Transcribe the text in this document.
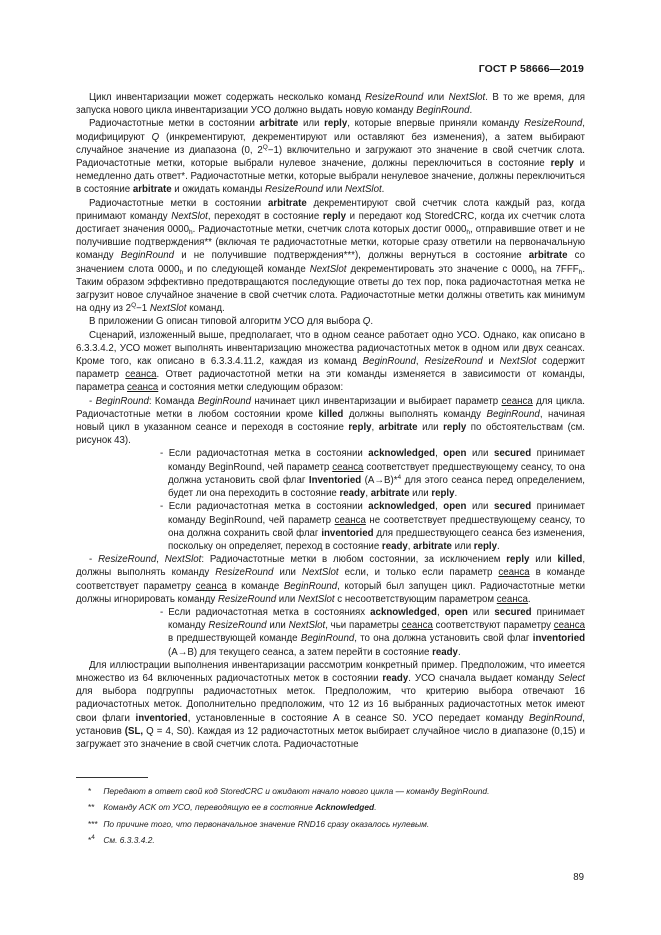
ГОСТ Р 58666—2019

Цикл инвентаризации может содержать несколько команд ResizeRound или NextSlot. В то же время, для запуска нового цикла инвентаризации УСО должно выдать новую команду BeginRound.

Радиочастотные метки в состоянии arbitrate или reply, которые впервые приняли команду ResizeRound, модифицируют Q (инкрементируют, декрементируют или оставляют без изменения), а затем выбирают случайное значение из диапазона (0, $2^Q-1$) включительно и загружают это значение в свой счетчик слота. Радиочастотные метки, которые выбрали нулевое значение, должны переключиться в состояние reply и немедленно дать ответ*. Радиочастотные метки, которые выбрали ненулевое значение, должны переключиться в состояние arbitrate и ожидать команды ResizeRound или NextSlot.

Радиочастотные метки в состоянии arbitrate декрементируют свой счетчик слота каждый раз, когда принимают команду NextSlot, переходят в состояние reply и передают код StoredCRC, когда их счетчик слота достигает значения $0000_h$. Радиочастотные метки, счетчик слота которых достиг $0000_h$, отправившие ответ и не получившие подтверждения** (включая те радиочастотные метки, которые сразу ответили на первоначальную команду BeginRound и не получившие подтверждения***), должны вернуться в состояние arbitrate со значением слота $0000_h$ и по следующей команде NextSlot декрементировать это значение с $0000_h$ на $7FFF_h$. Таким образом эффективно предотвращаются последующие ответы до тех пор, пока радиочастотная метка не загрузит новое случайное значение в свой счетчик слота. Радиочастотные метки должны ответить как минимум на одну из $2^Q-1$ NextSlot команд.

В приложении G описан типовой алгоритм УСО для выбора Q.

Сценарий, изложенный выше, предполагает, что в одном сеансе работает одно УСО. Однако, как описано в 6.3.3.4.2, УСО может выполнять инвентаризацию множества радиочастотных меток в одном или двух сеансах. Кроме того, как описано в 6.3.3.4.11.2, каждая из команд BeginRound, ResizeRound и NextSlot содержит параметр сеанса. Ответ радиочастотной метки на эти команды изменяется в зависимости от команды, параметра сеанса и состояния метки следующим образом:

- BeginRound: Команда BeginRound начинает цикл инвентаризации и выбирает параметр сеанса для цикла. Радиочастотные метки в любом состоянии кроме killed должны выполнять команду BeginRound, начиная новый цикл в указанном сеансе и переходя в состояние reply, arbitrate или reply по обстоятельствам (см. рисунок 43).

- Если радиочастотная метка в состоянии acknowledged, open или secured принимает команду BeginRound, чей параметр сеанса соответствует предшествующему сеансу, то она должна установить свой флаг Inventoried (A→B)*$^4$ для этого сеанса перед определением, будет ли она переходить в состояние ready, arbitrate или reply.

- Если радиочастотная метка в состоянии acknowledged, open или secured принимает команду BeginRound, чей параметр сеанса не соответствует предшествующему сеансу, то она должна сохранить свой флаг inventoried для предшествующего сеанса без изменения, поскольку он определяет, переход в состояние ready, arbitrate или reply.

- ResizeRound, NextSlot: Радиочастотные метки в любом состоянии, за исключением reply или killed, должны выполнять команду ResizeRound или NextSlot если, и только если параметр сеанса в команде соответствует параметру сеанса в команде BeginRound, который был запущен цикл. Радиочастотные метки должны игнорировать команду ResizeRound или NextSlot с несоответствующим параметром сеанса.

- Если радиочастотная метка в состояниях acknowledged, open или secured принимает команду ResizeRound или NextSlot, чьи параметры сеанса соответствуют параметру сеанса в предшествующей команде BeginRound, то она должна установить свой флаг inventoried (A→B) для текущего сеанса, а затем перейти в состояние ready.

Для иллюстрации выполнения инвентаризации рассмотрим конкретный пример. Предположим, что имеется множество из 64 включенных радиочастотных меток в состоянии ready. УСО сначала выдает команду Select для выбора подгруппы радиочастотных меток. Предположим, что критерию выбора отвечают 16 радиочастотных меток. Дополнительно предположим, что 12 из 16 выбранных радиочастотных меток имеют свои флаги inventoried, установленные в состояние А в сеансе S0. УСО передает команду BeginRound, установив (SL, Q = 4, S0). Каждая из 12 радиочастотных меток выбирает случайное число в диапазоне (0,15) и загружает это значение в свой счетчик слота. Радиочастотные

* Передают в ответ свой код StoredCRC и ожидают начало нового цикла — команду BeginRound.

** Команду ACK от УСО, переводящую ее в состояние Acknowledged.

*** По причине того, что первоначальное значение RND16 сразу оказалось нулевым.

*$^4$ См. 6.3.3.4.2.

89
